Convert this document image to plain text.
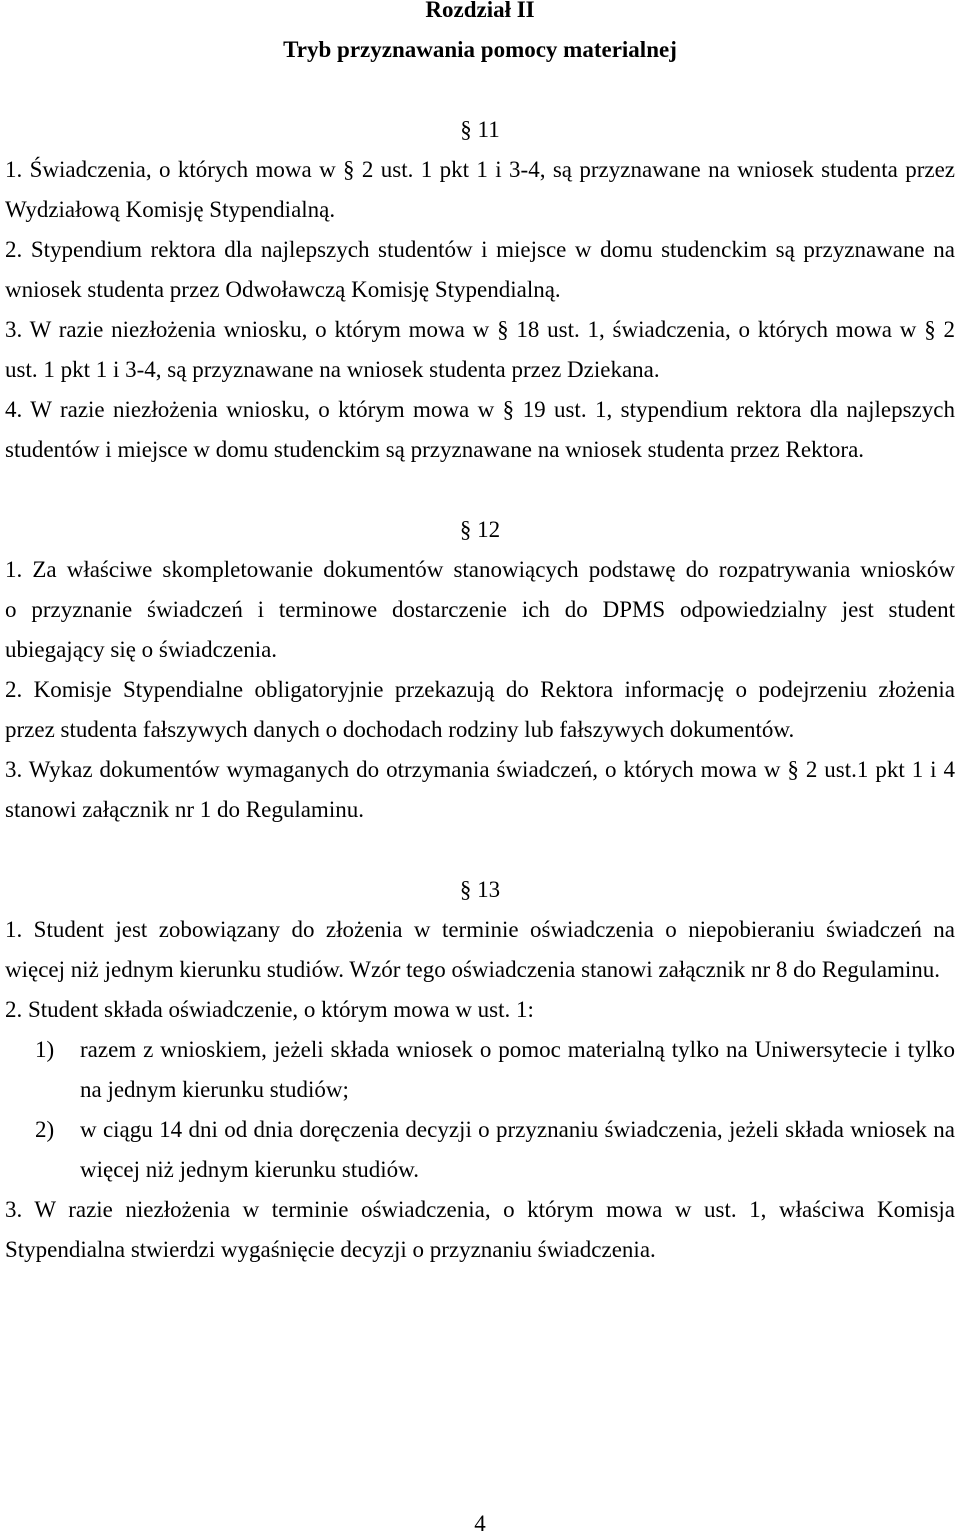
Rozdział II
Tryb przyznawania pomocy materialnej
§ 11
1. Świadczenia, o których mowa w § 2 ust. 1 pkt 1 i 3-4, są przyznawane na wniosek studenta przez
Wydziałową Komisję Stypendialną.
2. Stypendium rektora dla najlepszych studentów i miejsce w domu studenckim są przyznawane na
wniosek studenta przez Odwoławczą Komisję Stypendialną.
3. W razie niezłożenia wniosku, o którym mowa w § 18 ust. 1, świadczenia, o których mowa w § 2
ust. 1 pkt 1 i 3-4, są przyznawane na wniosek studenta przez Dziekana.
4. W razie niezłożenia wniosku, o którym mowa w § 19 ust. 1, stypendium rektora dla najlepszych
studentów i miejsce w domu studenckim są przyznawane na wniosek studenta przez Rektora.
§ 12
1. Za właściwe skompletowanie dokumentów stanowiących podstawę do rozpatrywania wniosków
o przyznanie świadczeń i terminowe dostarczenie ich do DPMS odpowiedzialny jest student
ubiegający się o świadczenia.
2. Komisje Stypendialne obligatoryjnie przekazują do Rektora informację o podejrzeniu złożenia
przez studenta fałszywych danych o dochodach rodziny lub fałszywych dokumentów.
3. Wykaz dokumentów wymaganych do otrzymania świadczeń, o których mowa w § 2 ust.1 pkt 1 i 4
stanowi załącznik nr 1 do Regulaminu.
§ 13
1. Student jest zobowiązany do złożenia w terminie oświadczenia o niepobieraniu świadczeń na
więcej niż jednym kierunku studiów. Wzór tego oświadczenia stanowi załącznik nr 8 do Regulaminu.
2. Student składa oświadczenie, o którym mowa w ust. 1:
1) razem z wnioskiem, jeżeli składa wniosek o pomoc materialną tylko na Uniwersytecie i tylko
na jednym kierunku studiów;
2) w ciągu 14 dni od dnia doręczenia decyzji o przyznaniu świadczenia, jeżeli składa wniosek na
więcej niż jednym kierunku studiów.
3. W razie niezłożenia w terminie oświadczenia, o którym mowa w ust. 1, właściwa Komisja
Stypendialna stwierdzi wygaśnięcie decyzji o przyznaniu świadczenia.
4
